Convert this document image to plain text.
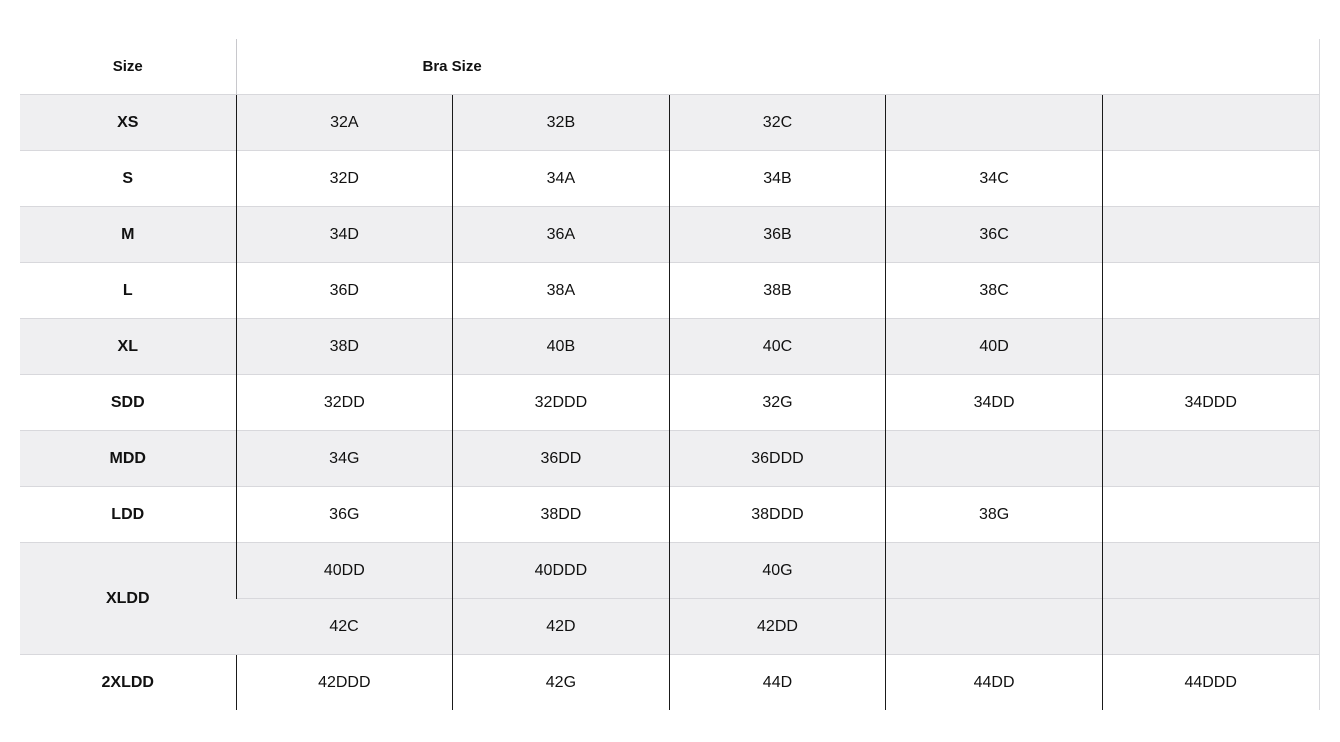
Size	Bra Size				
XS	32A	32B	32C		
S	32D	34A	34B	34C	
M	34D	36A	36B	36C	
L	36D	38A	38B	38C	
XL	38D	40B	40C	40D	
SDD	32DD	32DDD	32G	34DD	34DDD
MDD	34G	36DD	36DDD		
LDD	36G	38DD	38DDD	38G	
XLDD	40DD	40DDD	40G		
	42C	42D	42DD		
2XLDD	42DDD	42G	44D	44DD	44DDD
